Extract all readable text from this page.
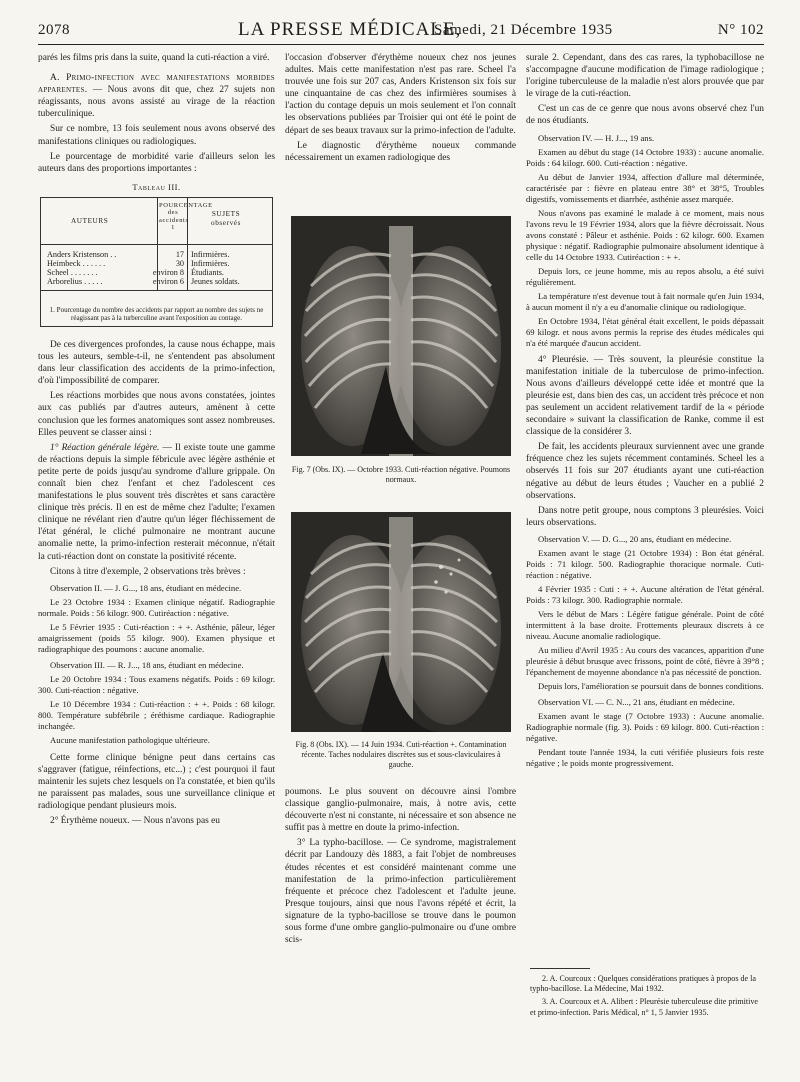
2078	LA PRESSE MÉDICALE,
Samedi, 21 Décembre 1935	N° 102

parés les films pris dans la suite, quand la cuti-réaction a viré.

A. Primo-infection avec manifestations morbides apparentes. — Nous avons dit que, chez 27 sujets non réagissants, nous avons assisté au virage de la réaction tuberculinique.

Sur ce nombre, 13 fois seulement nous avons observé des manifestations cliniques ou radiologiques.

Le pourcentage de morbidité varie d'ailleurs selon les auteurs dans des proportions importantes :

Tableau III.
AUTEURS
POURCENTAGE des accidents 1
SUJETS observés
Anders Kristenson . .	17 Infirmières.
Heimbeck . . . . . .	30 Infirmières.
Scheel . . . . . . .	environ 8 Étudiants.
Arborelius . . . . .	environ 6 Jeunes soldats.
1. Pourcentage du nombre des accidents par rapport au nombre des sujets ne réagissant pas à la turberculine avant l'exposition au contage.

De ces divergences profondes, la cause nous échappe, mais tous les auteurs, semble-t-il, ne s'entendent pas absolument dans leur classification des accidents de la primo-infection, d'où l'impossibilité de comparer.

Les réactions morbides que nous avons constatées, jointes aux cas publiés par d'autres auteurs, amènent à cette conclusion que les formes anatomiques sont assez nombreuses. Elles peuvent se classer ainsi :

1° Réaction générale légère. — Il existe toute une gamme de réactions depuis la simple fébricule avec légère asthénie et petite perte de poids jusqu'au syndrome d'allure grippale. On connaît bien chez l'enfant et chez l'adolescent ces manifestations le plus souvent très discrètes et sans caractère clinique très précis. Il en est de même chez l'adulte; l'examen clinique ne révélant rien d'autre qu'un léger fléchissement de l'état général, le cliché pulmonaire ne montrant aucune anomalie nette, la primo-infection resterait méconnue, n'était la cuti-réaction dont on constate la positivité récente.

Citons à titre d'exemple, 2 observations très brèves :

Observation II. — J. G..., 18 ans, étudiant en médecine.

Le 23 Octobre 1934 : Examen clinique négatif. Radiographie normale. Poids : 56 kilogr. 900. Cutiréaction : négative.

Le 5 Février 1935 : Cuti-réaction : + +. Asthénie, pâleur, léger amaigrissement (poids 55 kilogr. 900). Examen physique et radiographique des poumons : aucune anomalie.

Observation III. — R. J..., 18 ans, étudiant en médecine.

Le 20 Octobre 1934 : Tous examens négatifs. Poids : 69 kilogr. 300. Cuti-réaction : négative.

Le 10 Décembre 1934 : Cuti-réaction : + +. Poids : 68 kilogr. 800. Température subfébrile ; éréthisme cardiaque. Radiographie inchangée.

Aucune manifestation pathologique ultérieure.

Cette forme clinique bénigne peut dans certains cas s'aggraver (fatigue, réinfections, etc...) ; c'est pourquoi il faut maintenir les sujets chez lesquels on l'a constatée, et bien qu'ils ne paraissent pas malades, sous une surveillance clinique et radiologique pendant plusieurs mois.

2° Érythème noueux. — Nous n'avons pas eu

l'occasion d'observer d'érythème noueux chez nos jeunes adultes. Mais cette manifestation n'est pas rare. Scheel l'a trouvée une fois sur 207 cas, Anders Kristenson six fois sur une cinquantaine de cas chez des infirmières soumises à l'action du contage depuis un mois seulement et l'on connaît les observations publiées par Troisier qui ont été le point de départ de ses beaux travaux sur la primo-infection de l'adulte.

Le diagnostic d'érythème noueux commande nécessairement un examen radiologique des

Fig. 7 (Obs. IX). — Octobre 1933. Cuti-réaction négative. Poumons normaux.
Fig. 8 (Obs. IX). — 14 Juin 1934. Cuti-réaction +. Contamination récente. Taches nodulaires discrètes sus et sous-claviculaires à gauche.

poumons. Le plus souvent on découvre ainsi l'ombre classique ganglio-pulmonaire, mais, à notre avis, cette découverte n'est ni constante, ni nécessaire et son absence ne suffit pas à mettre en doute la primo-infection.

3° La typho-bacillose. — Ce syndrome, magistralement décrit par Landouzy dès 1883, a fait l'objet de nombreuses études récentes et est considéré maintenant comme une manifestation de la primo-infection particulièrement fréquente et précoce chez l'adolescent et l'adulte jeune. Presque toujours, ainsi que nous l'avons répété et écrit, la signature de la typho-bacillose se trouve dans le poumon sous forme d'une ombre ganglio-pulmonaire ou d'une ombre scis-

surale 2. Cependant, dans des cas rares, la typhobacillose ne s'accompagne d'aucune modification de l'image radiologique ; l'origine tuberculeuse de la maladie n'est alors prouvée que par le virage de la cuti-réaction.

C'est un cas de ce genre que nous avons observé chez l'un de nos étudiants.

Observation IV. — H. J..., 19 ans.

Examen au début du stage (14 Octobre 1933) : aucune anomalie. Poids : 64 kilogr. 600. Cuti-réaction : négative.

Au début de Janvier 1934, affection d'allure mal déterminée, caractérisée par : fièvre en plateau entre 38° et 38°5, Troubles digestifs, vomissements et diarrhée, asthénie assez marquée.

Nous n'avons pas examiné le malade à ce moment, mais nous l'avons revu le 19 Février 1934, alors que la fièvre décroissait. Nous avons constaté : Pâleur et asthénie. Poids : 62 kilogr. 600. Examen physique : négatif. Radiographie pulmonaire absolument identique à celle du 14 Octobre 1933. Cutiréaction : + +.

Depuis lors, ce jeune homme, mis au repos absolu, a été suivi régulièrement.

La température n'est devenue tout à fait normale qu'en Juin 1934, à aucun moment il n'y a eu d'anomalie clinique ou radiologique.

En Octobre 1934, l'état général était excellent, le poids dépassait 69 kilogr. et nous avons permis la reprise des études médicales qui n'a été marquée d'aucun accident.

4° Pleurésie. — Très souvent, la pleurésie constitue la manifestation initiale de la tuberculose de primo-infection. Nous avons d'ailleurs développé cette idée et montré que la pleurésie est, dans bien des cas, un accident très précoce et non pas seulement un accident relativement tardif de la « période secondaire » suivant la classification de Ranke, comme il est classique de la considérer 3.

De fait, les accidents pleuraux surviennent avec une grande fréquence chez les sujets récemment contaminés. Scheel les a observés 11 fois sur 207 étudiants ayant une cuti-réaction négative au début de leurs études ; Vaucher en a publié 2 observations.

Dans notre petit groupe, nous comptons 3 pleurésies. Voici leurs observations.

Observation V. — D. G..., 20 ans, étudiant en médecine.

Examen avant le stage (21 Octobre 1934) : Bon état général. Poids : 71 kilogr. 500. Radiographie thoracique normale. Cuti-réaction : négative.

4 Février 1935 : Cuti : + +. Aucune altération de l'état général. Poids : 73 kilogr. 300. Radiographie normale.

Vers le début de Mars : Légère fatigue générale. Point de côté intermittent à la base droite. Frottements pleuraux discrets à ce niveau. Aucune anomalie radiologique.

Au milieu d'Avril 1935 : Au cours des vacances, apparition d'une pleurésie à début brusque avec frissons, point de côté, fièvre à 39°8 ; l'épanchement de moyenne abondance n'a pas nécessité de ponction.

Depuis lors, l'amélioration se poursuit dans de bonnes conditions.

Observation VI. — C. N..., 21 ans, étudiant en médecine.

Examen avant le stage (7 Octobre 1933) : Aucune anomalie. Radiographie normale (fig. 3). Poids : 69 kilogr. 800. Cuti-réaction : négative.

Pendant toute l'année 1934, la cuti vérifiée plusieurs fois reste négative ; le poids monte progressivement.

2. A. Courcoux : Quelques considérations pratiques à propos de la typho-bacillose. La Médecine, Mai 1932.

3. A. Courcoux et A. Alibert : Pleurésie tuberculeuse dite primitive et primo-infection. Paris Médical, n° 1, 5 Janvier 1935.
